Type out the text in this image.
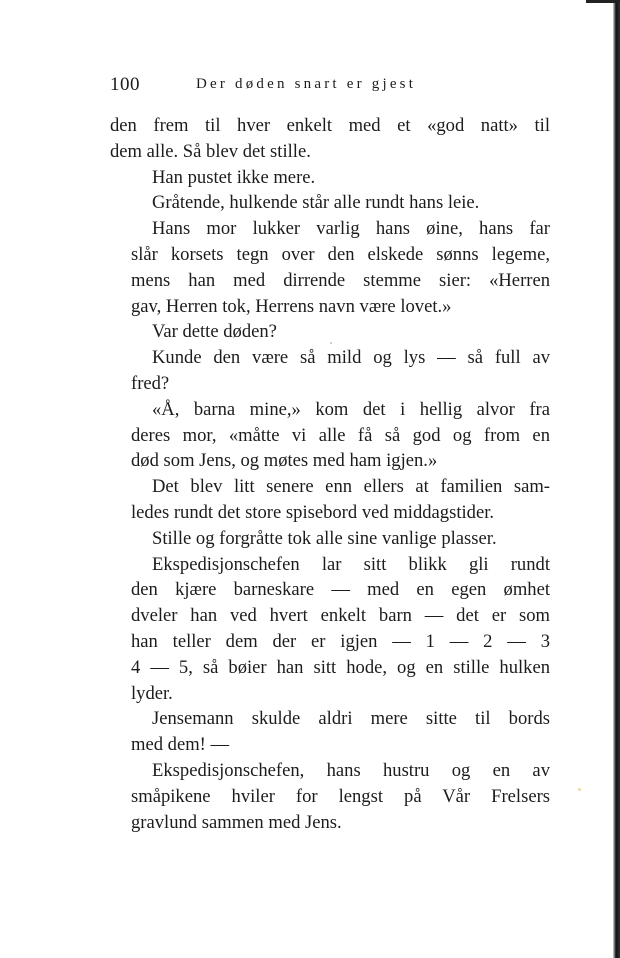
100	Der døden snart er gjest

den frem til hver enkelt med et «god natt» til
dem alle. Så blev det stille.

Han pustet ikke mere.

Gråtende, hulkende står alle rundt hans leie.

Hans mor lukker varlig hans øine, hans far
slår korsets tegn over den elskede sønns legeme,
mens han med dirrende stemme sier: «Herren
gav, Herren tok, Herrens navn være lovet.»

Var dette døden?

Kunde den være så mild og lys — så full av
fred?

«Å, barna mine,» kom det i hellig alvor fra
deres mor, «måtte vi alle få så god og from en
død som Jens, og møtes med ham igjen.»

Det blev litt senere enn ellers at familien sam-
ledes rundt det store spisebord ved middagstider.

Stille og forgråtte tok alle sine vanlige plasser.

Ekspedisjonschefen lar sitt blikk gli rundt
den kjære barneskare — med en egen ømhet
dveler han ved hvert enkelt barn — det er som
han teller dem der er igjen — 1 — 2 — 3
4 — 5, så bøier han sitt hode, og en stille hulken
lyder.

Jensemann skulde aldri mere sitte til bords
med dem! —

Ekspedisjonschefen, hans hustru og en av
småpikene hviler for lengst på Vår Frelsers
gravlund sammen med Jens.
